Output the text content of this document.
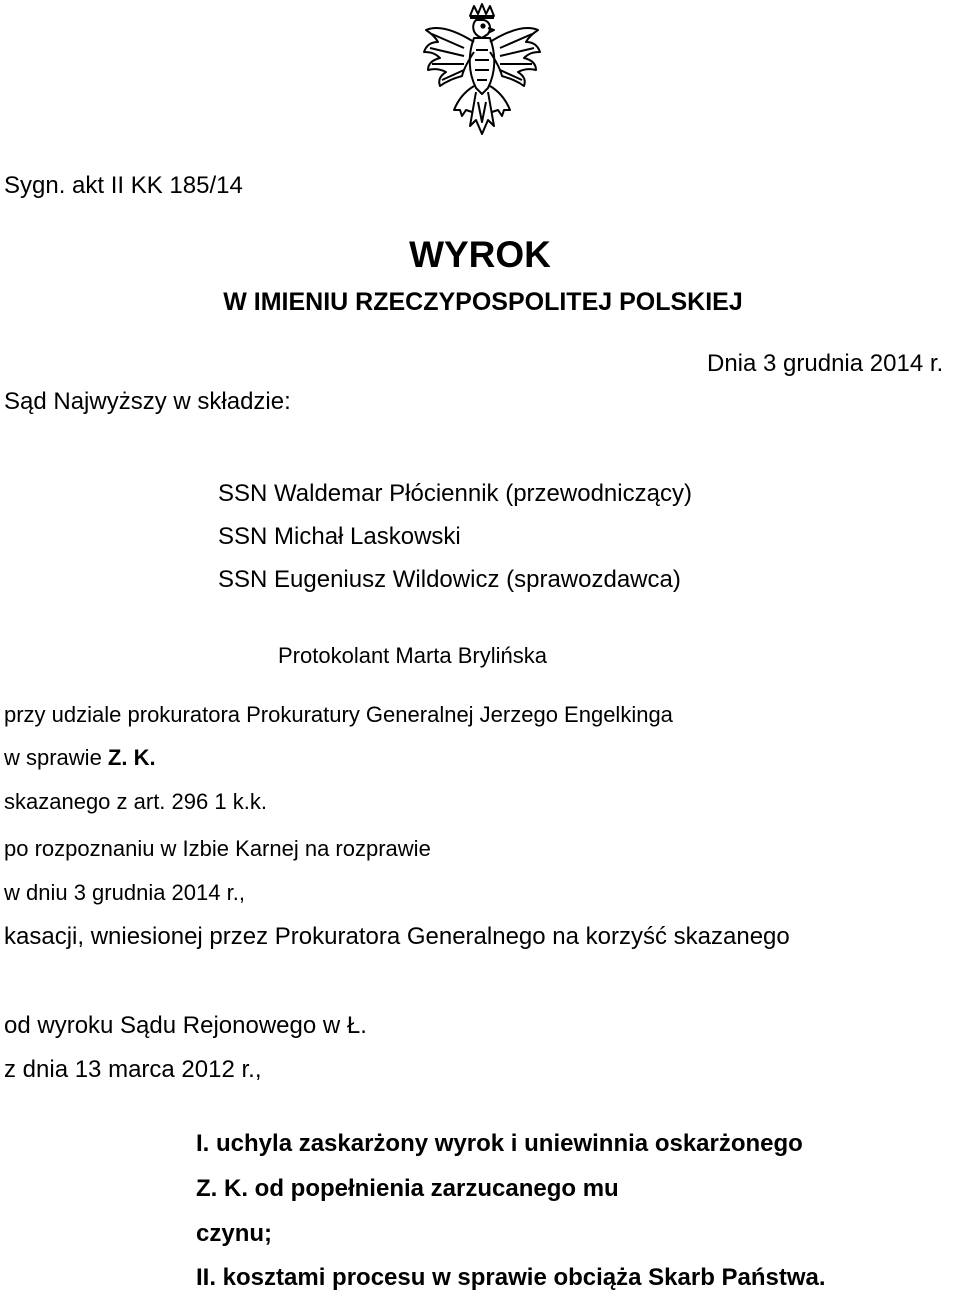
Sygn. akt II KK 185/14
WYROK
W IMIENIU RZECZYPOSPOLITEJ POLSKIEJ
Dnia 3 grudnia 2014 r.
Sąd Najwyższy w składzie:
SSN Waldemar Płóciennik (przewodniczący)
SSN Michał Laskowski
SSN Eugeniusz Wildowicz (sprawozdawca)
Protokolant Marta Brylińska
przy udziale prokuratora Prokuratury Generalnej Jerzego Engelkinga
w sprawie Z. K.
skazanego z art. 296 1 k.k.
po rozpoznaniu w Izbie Karnej na rozprawie
w dniu 3 grudnia 2014 r.,
kasacji, wniesionej przez Prokuratora Generalnego na korzyść skazanego
od wyroku Sądu Rejonowego w Ł.
z dnia 13 marca 2012 r.,
I. uchyla zaskarżony wyrok i uniewinnia oskarżonego
Z. K. od popełnienia zarzucanego mu
czynu;
II. kosztami procesu w sprawie obciąża Skarb Państwa.
